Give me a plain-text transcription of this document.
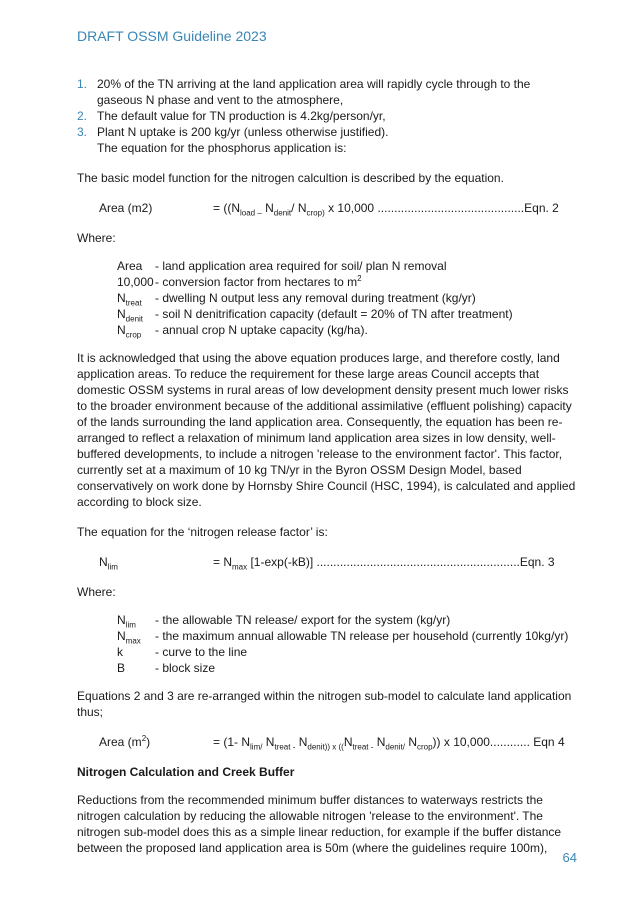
DRAFT OSSM Guideline 2023
1. 20% of the TN arriving at the land application area will rapidly cycle through to the gaseous N phase and vent to the atmosphere,
2. The default value for TN production is 4.2kg/person/yr,
3. Plant N uptake is 200 kg/yr (unless otherwise justified).
The equation for the phosphorus application is:

The basic model function for the nitrogen calcultion is described by the equation.

Area (m2)	= (($N_{load -}$ $N_{denit}/$ $N_{crop)}$ x 10,000 ............................................Eqn. 2

Where:

Area	- land application area required for soil/ plan N removal
10,000 - conversion factor from hectares to $m^2$
$N_{treat}$	- dwelling N output less any removal during treatment (kg/yr)
$N_{denit}$ - soil N denitrification capacity (default = 20% of TN after treatment)
$N_{crop}$	- annual crop N uptake capacity (kg/ha).

It is acknowledged that using the above equation produces large, and therefore costly, land application areas. To reduce the requirement for these large areas Council accepts that domestic OSSM systems in rural areas of low development density present much lower risks to the broader environment because of the additional assimilative (effluent polishing) capacity of the lands surrounding the land application area. Consequently, the equation has been re-arranged to reflect a relaxation of minimum land application area sizes in low density, well-buffered developments, to include a nitrogen 'release to the environment factor'. This factor, currently set at a maximum of 10 kg TN/yr in the Byron OSSM Design Model, based conservatively on work done by Hornsby Shire Council (HSC, 1994), is calculated and applied according to block size.

The equation for the ‘nitrogen release factor’ is:

$N_{lim}$	= $N_{max}$ [1-exp(-kB)] .............................................................Eqn. 3

Where:

$N_{lim}$	- the allowable TN release/ export for the system (kg/yr)
$N_{max}$	- the maximum annual allowable TN release per household (currently 10kg/yr)
k	- curve to the line
B	- block size

Equations 2 and 3 are re-arranged within the nitrogen sub-model to calculate land application thus;

Area $(m^2)$	= (1- $N_{lim/}$ $N_{treat -}$ $N_{denit)) x ((}N_{treat -}$ $N_{denit/}$ $N_{crop}$)) x 10,000............ Eqn 4

Nitrogen Calculation and Creek Buffer

Reductions from the recommended minimum buffer distances to waterways restricts the nitrogen calculation by reducing the allowable nitrogen 'release to the environment'. The nitrogen sub-model does this as a simple linear reduction, for example if the buffer distance between the proposed land application area is 50m (where the guidelines require 100m),

64
